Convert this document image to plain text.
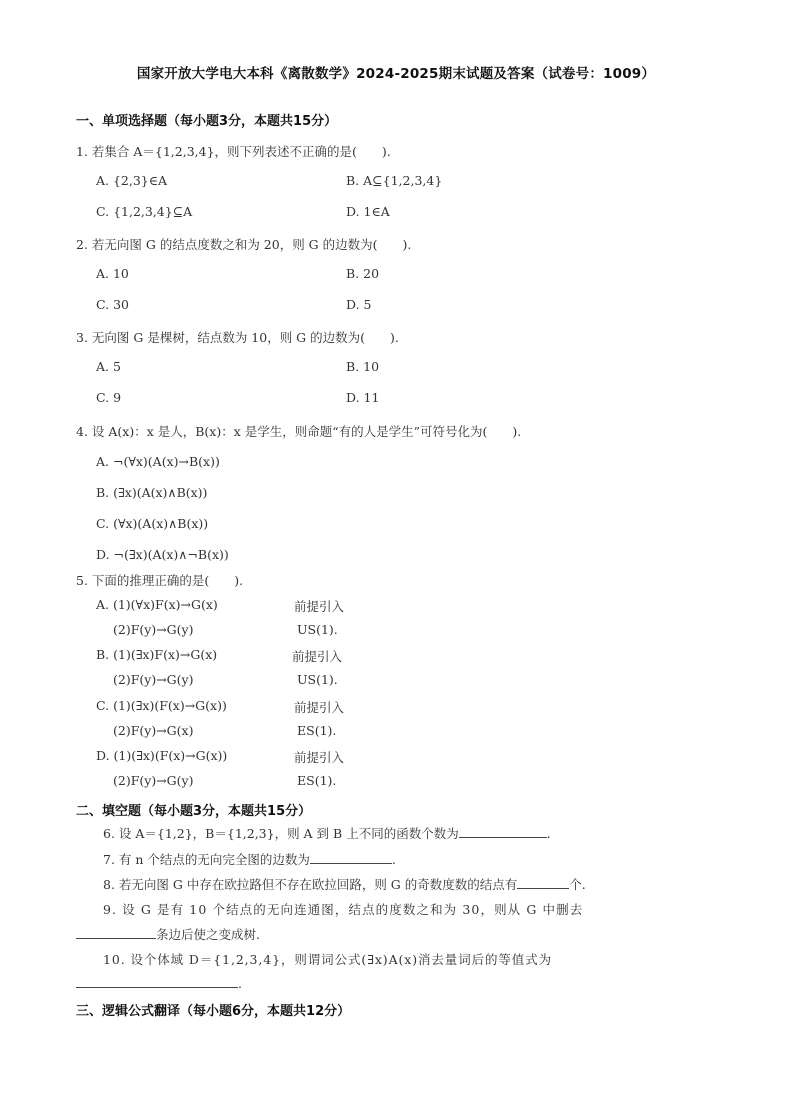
国家开放大学电大本科《离散数学》2024-2025期末试题及答案（试卷号：1009）
一、单项选择题（每小题3分，本题共15分）
1. 若集合 A＝{1,2,3,4}，则下列表述不正确的是(　　).
A. {2,3}∈A	B. A⊆{1,2,3,4}
C. {1,2,3,4}⊆A	D. 1∈A
2. 若无向图 G 的结点度数之和为 20，则 G 的边数为(　　).
A. 10	B. 20
C. 30	D. 5
3. 无向图 G 是棵树，结点数为 10，则 G 的边数为(　　).
A. 5	B. 10
C. 9	D. 11
4. 设 A(x)：x 是人，B(x)：x 是学生，则命题“有的人是学生”可符号化为(　　).
A. ¬(∀x)(A(x)→B(x))
B. (∃x)(A(x)∧B(x))
C. (∀x)(A(x)∧B(x))
D. ¬(∃x)(A(x)∧¬B(x))
5. 下面的推理正确的是(　　).
A. (1)(∀x)F(x)→G(x)	前提引入
(2)F(y)→G(y)	US(1).
B. (1)(∃x)F(x)→G(x)	前提引入
(2)F(y)→G(y)	US(1).
C. (1)(∃x)(F(x)→G(x))	前提引入
(2)F(y)→G(x)	ES(1).
D. (1)(∃x)(F(x)→G(x))	前提引入
(2)F(y)→G(y)	ES(1).
二、填空题（每小题3分，本题共15分）
6. 设 A＝{1,2}，B＝{1,2,3}，则 A 到 B 上不同的函数个数为	.
7. 有 n 个结点的无向完全图的边数为	.
8. 若无向图 G 中存在欧拉路但不存在欧拉回路，则 G 的奇数度数的结点有	个.
9. 设 G 是有 10 个结点的无向连通图，结点的度数之和为 30，则从 G 中删去
条边后使之变成树.
10. 设个体域 D＝{1,2,3,4}，则谓词公式(∃x)A(x)消去量词后的等值式为
.
三、逻辑公式翻译（每小题6分，本题共12分）
